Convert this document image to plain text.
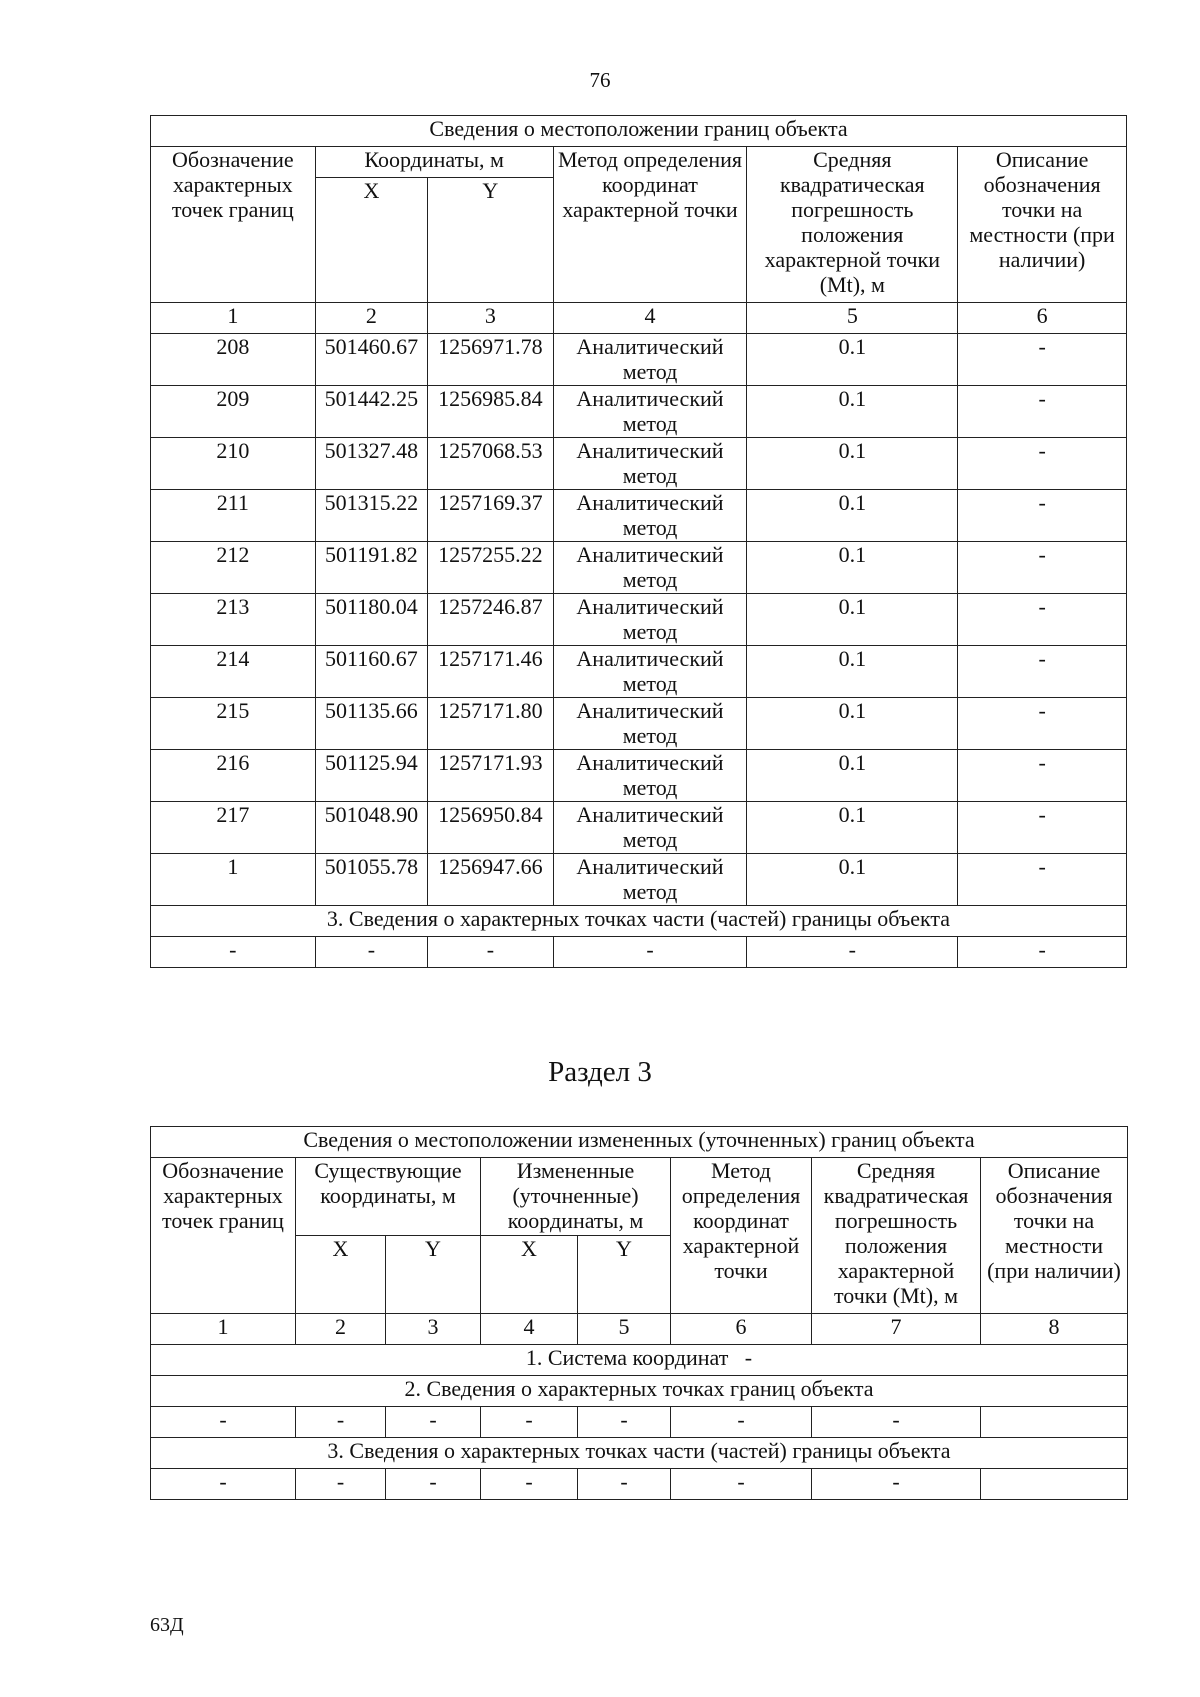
76
Сведения о местоположении границ объекта					
Обозначение характерных точек границ	Координаты, м		Метод определения координат характерной точки	Средняя квадратическая погрешность положения характерной точки (Mt), м	Описание обозначения точки на местности (при наличии)
	X	Y			
1	2	3	4	5	6
208	501460.67	1256971.78	Аналитический метод	0.1	-
209	501442.25	1256985.84	Аналитический метод	0.1	-
210	501327.48	1257068.53	Аналитический метод	0.1	-
211	501315.22	1257169.37	Аналитический метод	0.1	-
212	501191.82	1257255.22	Аналитический метод	0.1	-
213	501180.04	1257246.87	Аналитический метод	0.1	-
214	501160.67	1257171.46	Аналитический метод	0.1	-
215	501135.66	1257171.80	Аналитический метод	0.1	-
216	501125.94	1257171.93	Аналитический метод	0.1	-
217	501048.90	1256950.84	Аналитический метод	0.1	-
1	501055.78	1256947.66	Аналитический метод	0.1	-
3. Сведения о характерных точках части (частей) границы объекта					
-	-	-	-	-	-
Раздел 3
Сведения о местоположении измененных (уточненных) границ объекта							
Обозначение характерных точек границ	Существующие координаты, м		Измененные (уточненные) координаты, м		Метод определения координат характерной точки	Средняя квадратическая погрешность положения характерной точки (Mt), м	Описание обозначения точки на местности (при наличии)
	X	Y	X	Y			
1	2	3	4	5	6	7	8
1. Система координат   -							
2. Сведения о характерных точках границ объекта							
-	-	-	-	-	-	-	
3. Сведения о характерных точках части (частей) границы объекта							
-	-	-	-	-	-	-	
63Д
